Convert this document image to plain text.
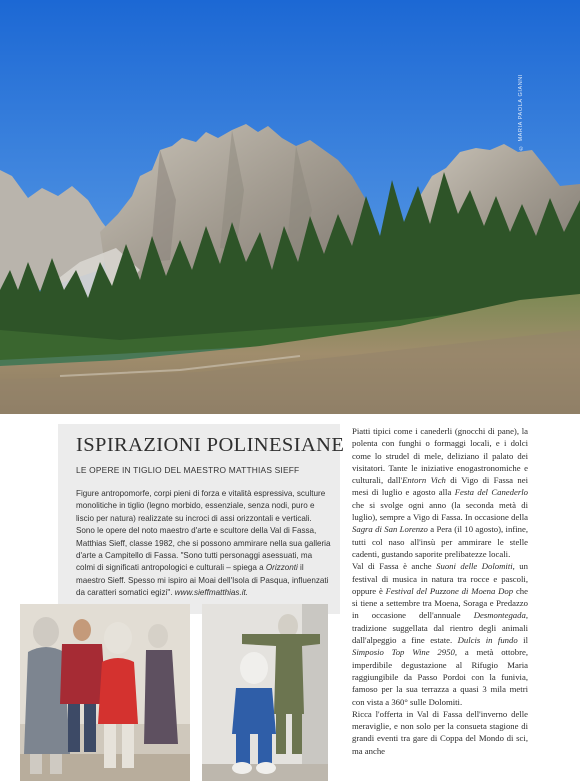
© MARIA PAOLA GIANNI
ISPIRAZIONI POLINESIANE
LE OPERE IN TIGLIO DEL MAESTRO MATTHIAS SIEFF

Figure antropomorfe, corpi pieni di forza e vitalità espressiva, sculture monolitiche in tiglio (legno morbido, essenziale, senza nodi, puro e liscio per natura) realizzate su incroci di assi orizzontali e verticali. Sono le opere del noto maestro d'arte e scultore della Val di Fassa, Matthias Sieff, classe 1982, che si possono ammirare nella sua galleria d'arte a Campitello di Fassa. "Sono tutti personaggi asessuati, ma colmi di significati antropologici e culturali – spiega a Orizzonti il maestro Sieff. Spesso mi ispiro ai Moai dell'Isola di Pasqua, influenzati da caratteri somatici egizi". www.sieffmatthias.it.

Piatti tipici come i canederli (gnocchi di pane), la polenta con funghi o formaggi locali, e i dolci come lo strudel di mele, deliziano il palato dei visitatori. Tante le iniziative enogastronomiche e culturali, dall'Entorn Vich di Vigo di Fassa nei mesi di luglio e agosto alla Festa del Canederlo che si svolge ogni anno (la seconda metà di luglio), sempre a Vigo di Fassa. In occasione della Sagra di San Lorenzo a Pera (il 10 agosto), infine, tutti col naso all'insù per ammirare le stelle cadenti, gustando saporite prelibatezze locali.

Val di Fassa è anche Suoni delle Dolomiti, un festival di musica in natura tra rocce e pascoli, oppure è Festival del Puzzone di Moena Dop che si tiene a settembre tra Moena, Soraga e Predazzo in occasione dell'annuale Desmontegada, tradizione suggellata dal rientro degli animali dall'alpeggio a fine estate. Dulcis in fundo il Simposio Top Wine 2950, a metà ottobre, imperdibile degustazione al Rifugio Maria raggiungibile da Passo Pordoi con la funivia, famoso per la sua terrazza a quasi 3 mila metri con vista a 360° sulle Dolomiti.

Ricca l'offerta in Val di Fassa dell'inverno delle meraviglie, e non solo per la consueta stagione di grandi eventi tra gare di Coppa del Mondo di sci, ma anche
